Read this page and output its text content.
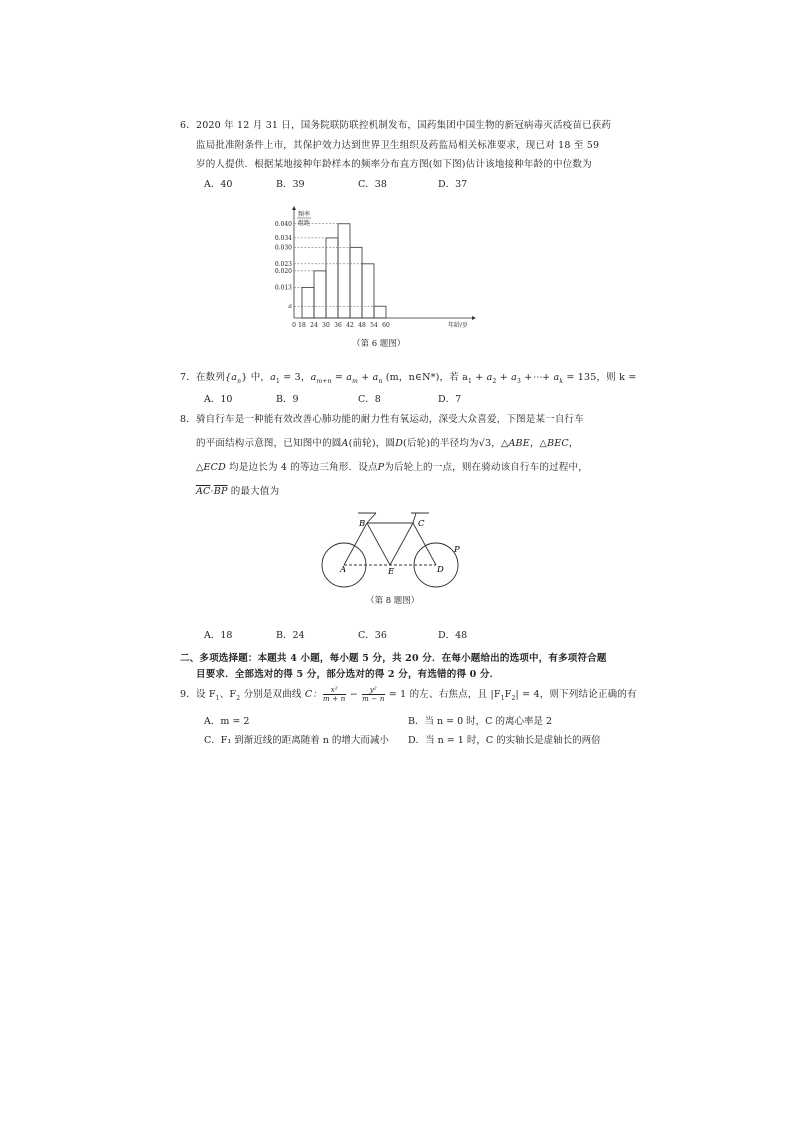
6．2020 年 12 月 31 日，国务院联防联控机制发布，国药集团中国生物的新冠病毒灭活疫苗已获药
监局批准附条件上市，其保护效力达到世界卫生组织及药监局相关标准要求，现已对 18 至 59
岁的人提供．根据某地接种年龄样本的频率分布直方图(如下图)估计该地接种年龄的中位数为
A．40	B．39	C．38	D．37
频率
组距
0.040
0.034
0.030
0.023
0.020
0.013
a
0 18 24 30 36 42 48 54 60	年龄/岁
（第 6 题图）
7．在数列$\{a_n\}$ 中，$a_1 = 3$，$a_{m+n} = a_m + a_n$ (m，n∈N*)，若 $a_1 + a_2 + a_3$ +⋯+ $a_k = 135$，则 k =
A．10	B．9	C．8	D．7
8．骑自行车是一种能有效改善心肺功能的耐力性有氧运动，深受大众喜爱，下图是某一自行车
的平面结构示意图，已知图中的圆A(前轮)，圆D(后轮)的半径均为√3，△ABE，△BEC，
△ECD 均是边长为 4 的等边三角形．设点P为后轮上的一点，则在骑动该自行车的过程中，
$\overline{AC}\cdot\overline{BP}$ 的最大值为
A
B	C
D
E
P
（第 8 题图）
A．18	B．24	C．36	D．48
二、多项选择题：本题共 4 小题，每小题 5 分，共 20 分．在每小题给出的选项中，有多项符合题
目要求．全部选对的得 5 分，部分选对的得 2 分，有选错的得 0 分．
9．设 $F_1$、$F_2$ 分别是双曲线 C： $\frac{\text{x²}}{m + n} - \frac{\text{y²}}{m - n} = 1$ 的左、右焦点，且 $|F_1F_2| = 4$，则下列结论正确的有
A．m = 2	B．当 n = 0 时，C 的离心率是 2
C．F₁ 到渐近线的距离随着 n 的增大而减小 D．当 n = 1 时，C 的实轴长是虚轴长的两倍
